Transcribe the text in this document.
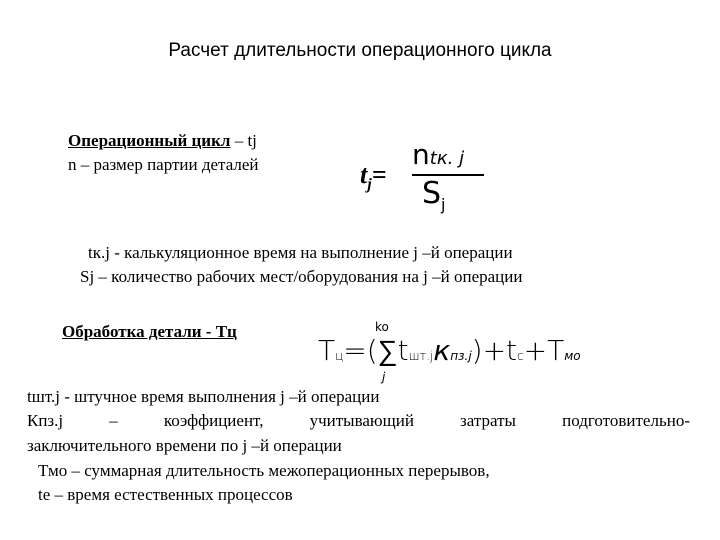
Расчет длительности операционного цикла
Операционный цикл – tj
n – размер партии деталей	$t_j=$
ntк. j
$S_j$
tк.j - калькуляционное время на выполнение j –й операции
Sj – количество рабочих мест/оборудования на j –й операции
Обработка детали - Тц	ko
T ц =( ∑ t шт.j к пз.j )+ t с + T мо
j
tшт.j - штучное время выполнения j –й операции
Кпз.j	–	коэффициент,	учитывающий	затраты	подготовительно-
заключительного времени по j –й операции
Тмо – суммарная длительность межоперационных перерывов,
tе – время естественных процессов
